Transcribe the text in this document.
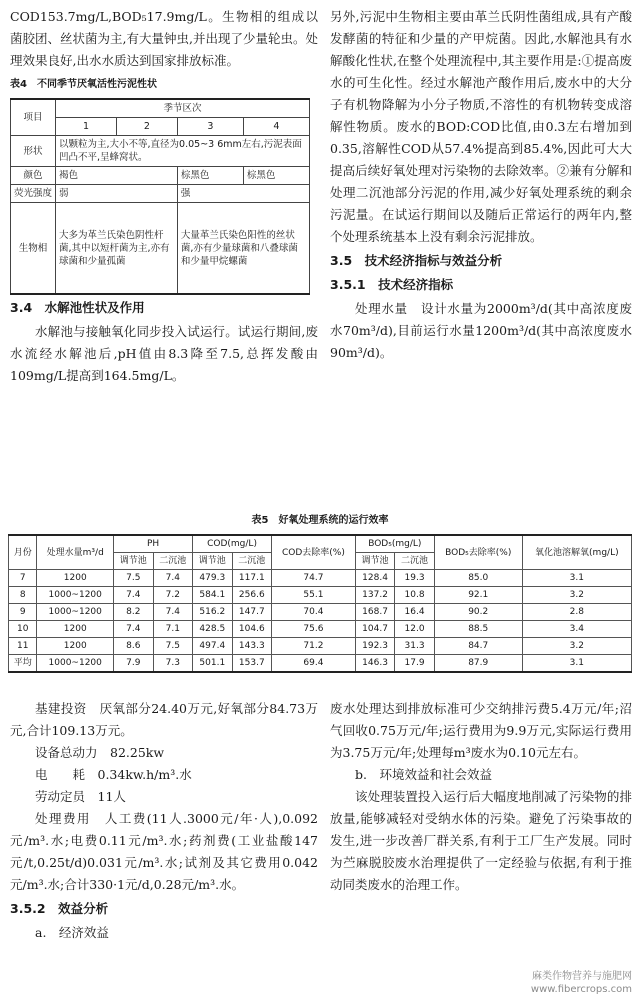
COD153.7mg/L,BOD₅17.9mg/L。生物相的组成以菌胶团、丝状菌为主,有大量钟虫,并出现了少量轮虫。处理效果良好,出水水质达到国家排放标准。

表4　不同季节厌氧活性污泥性状

项目	季节区次			
	1	2	3	4
形状	以颗粒为主,大小不等,直径为0.05~3 6mm左右,污泥表面凹凸不平,呈蜂窝状。			
颜色	褐色		棕黑色	棕黑色
荧光强度	弱		强	
生物相	大多为革兰氏染色阴性杆菌,其中以短杆菌为主,亦有球菌和少量孤菌		大量革兰氏染色阳性的丝状菌,亦有少量球菌和八叠球菌和少量甲烷螺菌	

3.4　水解池性状及作用

水解池与接触氧化同步投入试运行。试运行期间,废水流经水解池后,pH值由8.3降至7.5,总挥发酸由109mg/L提高到164.5mg/L。

另外,污泥中生物相主要由革兰氏阴性菌组成,具有产酸发酵菌的特征和少量的产甲烷菌。因此,水解池具有水解酸化性状,在整个处理流程中,其主要作用是:①提高废水的可生化性。经过水解池产酸作用后,废水中的大分子有机物降解为小分子物质,不溶性的有机物转变成溶解性物质。废水的BOD:COD比值,由0.3左右增加到0.35,溶解性COD从57.4%提高到85.4%,因此可大大提高后续好氧处理对污染物的去除效率。②兼有分解和处理二沉池部分污泥的作用,减少好氧处理系统的剩余污泥量。在试运行期间以及随后正常运行的两年内,整个处理系统基本上没有剩余污泥排放。

3.5　技术经济指标与效益分析

3.5.1　技术经济指标

处理水量　设计水量为2000m³/d(其中高浓度废水70m³/d),目前运行水量1200m³/d(其中高浓度废水90m³/d)。

表5　好氧处理系统的运行效率

月份	处理水量m³/d	PH		COD(mg/L)		COD去除率(%)	BOD₅(mg/L)		BOD₅去除率(%)	氧化池溶解氧(mg/L)
		调节池	二沉池	调节池	二沉池		调节池	二沉池		
7	1200	7.5	7.4	479.3	117.1	74.7	128.4	19.3	85.0	3.1
8	1000~1200	7.4	7.2	584.1	256.6	55.1	137.2	10.8	92.1	3.2
9	1000~1200	8.2	7.4	516.2	147.7	70.4	168.7	16.4	90.2	2.8
10	1200	7.4	7.1	428.5	104.6	75.6	104.7	12.0	88.5	3.4
11	1200	8.6	7.5	497.4	143.3	71.2	192.3	31.3	84.7	3.2
平均	1000~1200	7.9	7.3	501.1	153.7	69.4	146.3	17.9	87.9	3.1

基建投资　厌氧部分24.40万元,好氧部分84.73万元,合计109.13万元。

设备总动力　82.25kw

电　　耗　0.34kw.h/m³.水

劳动定员　11人

处理费用　人工费(11人.3000元/年·人),0.092元/m³.水;电费0.11元/m³.水;药剂费(工业盐酸147元/t,0.25t/d)0.031元/m³.水;试剂及其它费用0.042元/m³.水;合计330·1元/d,0.28元/m³.水。

3.5.2　效益分析

a.　经济效益

废水处理达到排放标准可少交纳排污费5.4万元/年;沼气回收0.75万元/年;运行费用为9.9万元,实际运行费用为3.75万元/年;处理每m³废水为0.10元左右。

b.　环境效益和社会效益

该处理装置投入运行后大幅度地削减了污染物的排放量,能够减轻对受纳水体的污染。避免了污染事故的发生,进一步改善厂群关系,有利于工厂生产发展。同时为苎麻脱胶废水治理提供了一定经验与依据,有利于推动同类废水的治理工作。

麻类作物营养与施肥网
www.fibercrops.com
